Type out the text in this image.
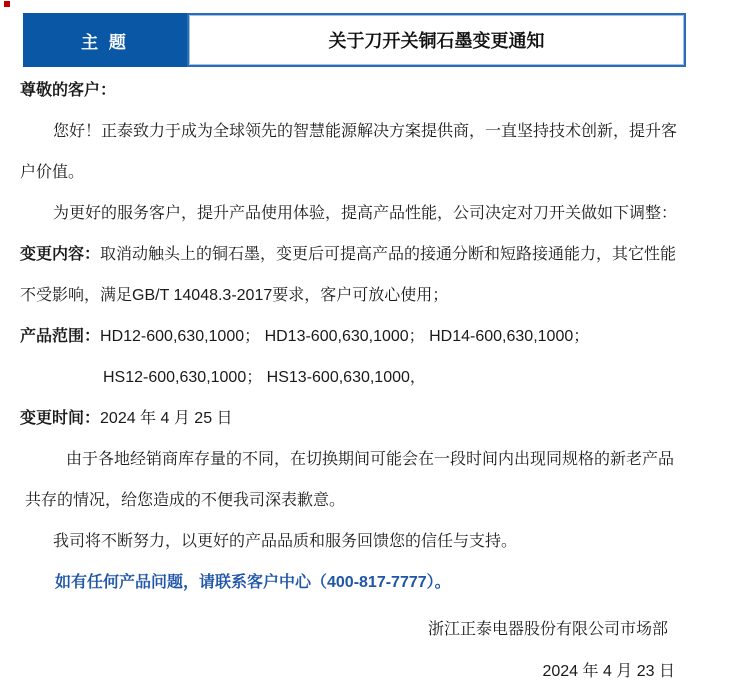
主 题	关于刀开关铜石墨变更通知
尊敬的客户：
您好！正泰致力于成为全球领先的智慧能源解决方案提供商，一直坚持技术创新，提升客
户价值。
为更好的服务客户，提升产品使用体验，提高产品性能，公司决定对刀开关做如下调整：
变更内容：取消动触头上的铜石墨，变更后可提高产品的接通分断和短路接通能力，其它性能
不受影响，满足GB/T 14048.3-2017要求，客户可放心使用；
产品范围：HD12-600,630,1000； HD13-600,630,1000； HD14-600,630,1000；
HS12-600,630,1000； HS13-600,630,1000，
变更时间：2024 年 4 月 25 日
由于各地经销商库存量的不同，在切换期间可能会在一段时间内出现同规格的新老产品
共存的情况，给您造成的不便我司深表歉意。
我司将不断努力，以更好的产品品质和服务回馈您的信任与支持。
如有任何产品问题，请联系客户中心（400-817-7777）。
浙江正泰电器股份有限公司市场部
2024 年 4 月 23 日
